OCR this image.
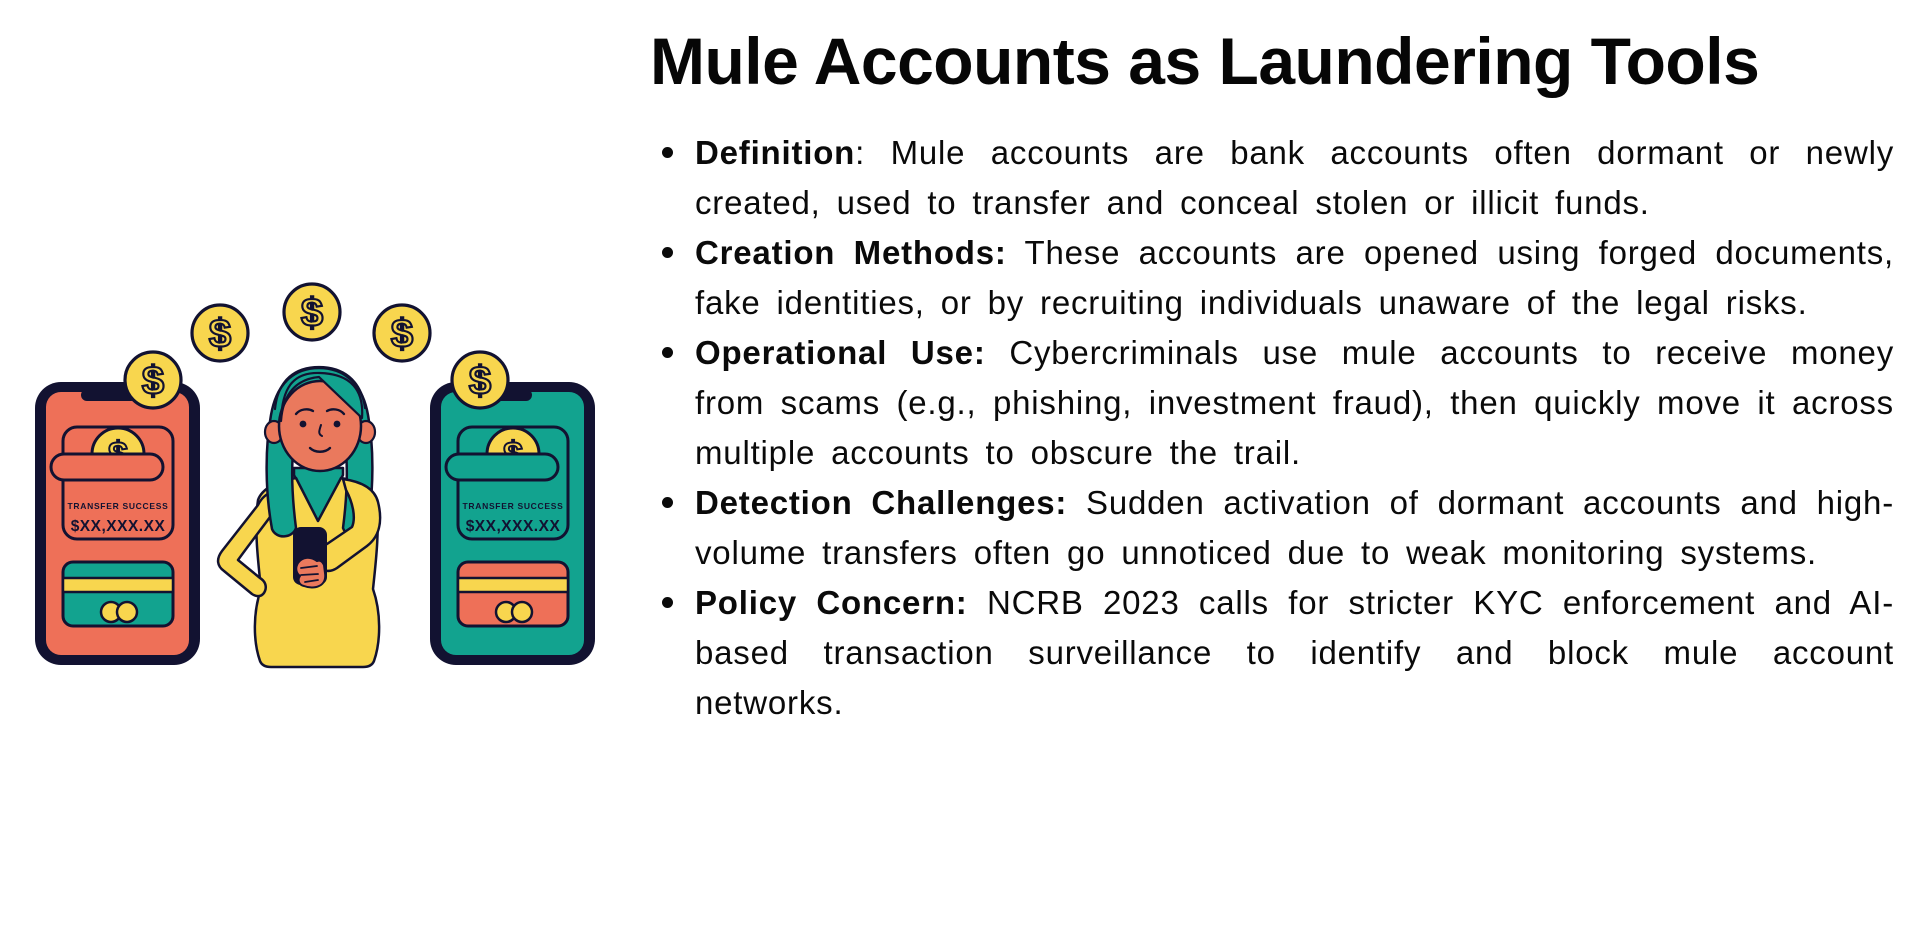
Mule Accounts as Laundering Tools
Definition: Mule accounts are bank accounts often dormant or newly created, used to transfer and conceal stolen or illicit funds.
Creation Methods: These accounts are opened using forged documents, fake identities, or by recruiting individuals unaware of the legal risks.
Operational Use: Cybercriminals use mule accounts to receive money from scams (e.g., phishing, investment fraud), then quickly move it across multiple accounts to obscure the trail.
Detection Challenges: Sudden activation of dormant accounts and high-volume transfers often go unnoticed due to weak monitoring systems.
Policy Concern: NCRB 2023 calls for stricter KYC enforcement and AI-based transaction surveillance to identify and block mule account networks.
TRANSFER SUCCESS
$XX,XXX.XX
TRANSFER SUCCESS
$XX,XXX.XX
$ $ $
$	$
